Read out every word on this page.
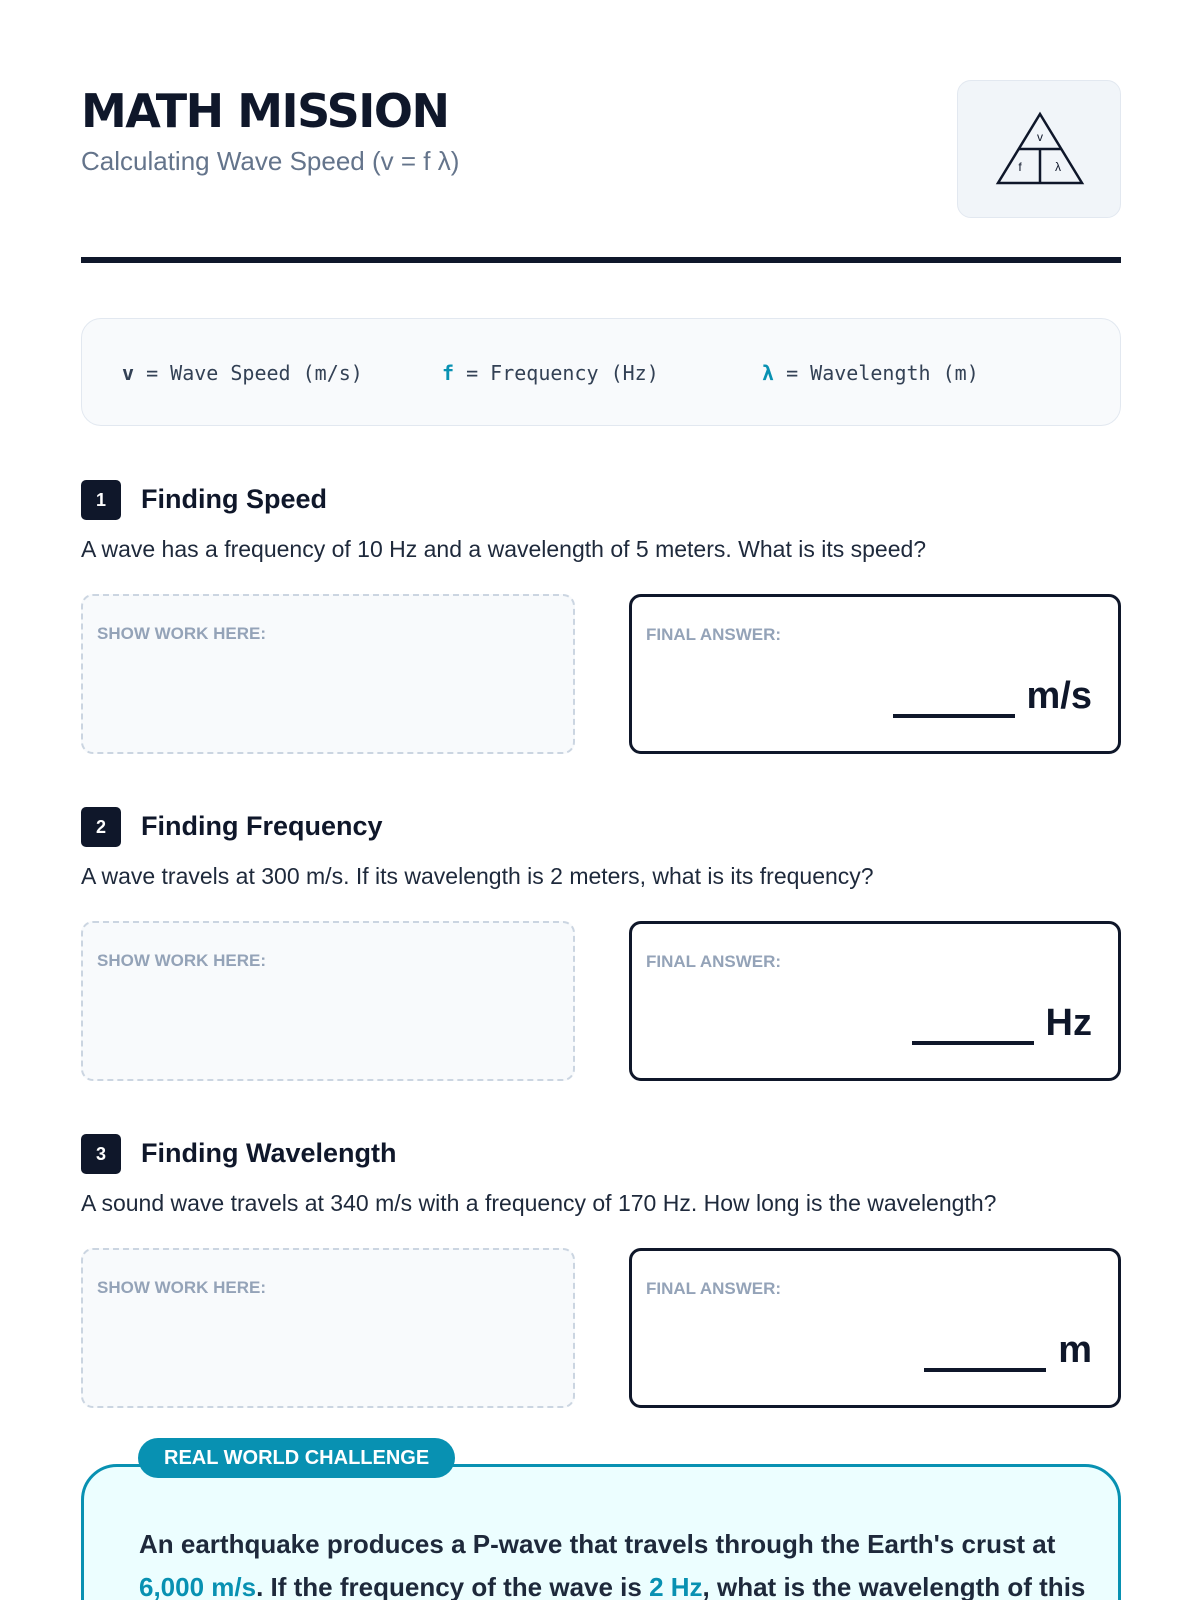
MATH MISSION
Calculating Wave Speed (v = f λ)
v
f	λ
v = Wave Speed (m/s)	f = Frequency (Hz)	λ = Wavelength (m)
1	Finding Speed
A wave has a frequency of 10 Hz and a wavelength of 5 meters. What is its speed?
SHOW WORK HERE:	FINAL ANSWER:
m/s
2	Finding Frequency
A wave travels at 300 m/s. If its wavelength is 2 meters, what is its frequency?
SHOW WORK HERE:	FINAL ANSWER:
Hz
3	Finding Wavelength
A sound wave travels at 340 m/s with a frequency of 170 Hz. How long is the wavelength?
SHOW WORK HERE:	FINAL ANSWER:
m
An earthquake produces a P-wave that travels through the Earth's crust at 6,000 m/s. If the frequency of the wave is 2 Hz, what is the wavelength of this
REAL WORLD CHALLENGE
